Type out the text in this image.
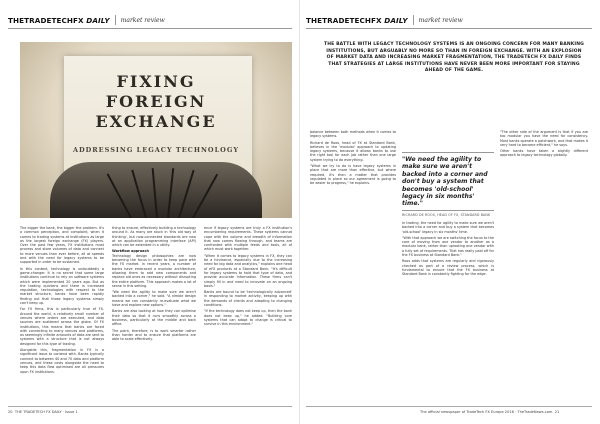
THETRADETECHFX DAILY market review
FIXING
FOREIGN
EXCHANGE
ADDRESSING LEGACY TECHNOLOGY

The bigger the bank, the bigger the problem. It's a common perception, and complaint, when it comes to trading systems at institutions as large as the largest foreign exchange (FX) players. Over the past few years, FX institutions must process and store volumes of data and connect to more venues than ever before, all at speeds and with the need for legacy systems to be supported in order to be sustained.

In this context, technology is undoubtedly a game-changer. It is no secret that some large institutions continue to rely on software systems which were implemented 20 years ago. But as the trading quickens and there is increased regulation, technologies with respect to the market structure, banks have been rapidly finding out that those legacy systems simply can't keep up.

For FX firms, this is particularly true of FX. Around the world, a relatively small number of venues where orders are executed, and data sources are scattered across the globe. Of FX institutions, this means that banks are faced with connecting to many venues and platforms, as seemingly infinite amounts of data are sent to systems with a structure that is not always designed for this type of trading.

Alongside this, fragmentation in FX is a significant issue to contend with. Banks typically connect to between 40 and 70 data and platform venues, and these costs alongside the need to keep this data flow optimised are all pressures upon FX institutions.

thing to ensure, effectively building a technology around it. As many are stuck in 'this old way of thinking', but now-connected standards are now at an application programming interface (API) which can be extended in a utility.

Workflow approach

Technology design philosophies are now becoming the focus in order to keep pace with the FX market. In recent years, a number of banks have embraced a modular architecture, allowing them to add new components and replace old ones as necessary without disrupting the entire platform. This approach makes a lot of sense in this setting.

"We need the agility to make sure we aren't backed into a corner," he said. "A nimble design means we can constantly re-evaluate what we have and explore new options."

Banks are also looking at how they can optimise their data so that it runs smoothly across a business, particularly at the middle and back office.

The point, therefore, is to work smarter rather than harder and to ensure that platforms are able to scale effectively.

ence if legacy systems are truly a FX institution's encumbering requirements. These systems cannot cope with the volume and breadth of information that now comes flowing through, and teams are confronted with multiple feeds and tools, all of which must work together.

"When it comes to legacy systems in FX, they can be a hindrance, especially due to the increasing need for big data and analytics," explains one head of eFX products at a Standard Bank. "It's difficult for legacy systems to hold that type of data, and provide accurate information. These firms can't simply fill in and need to innovate on an ongoing basis."

Banks are bound to be 'technologically advanced' in responding to market activity, keeping up with the demands of clients and adapting to changing conditions.

"If the technology does not keep up, then the bank does not keep up," he added. "Building core systems that can adapt to change is critical to survive in this environment."

20 THE TRADETECH FX DAILY · Issue 1
THETRADETECHFX DAILY market review
THE BATTLE WITH LEGACY TECHNOLOGY SYSTEMS IS AN ONGOING CONCERN FOR MANY BANKING INSTITUTIONS, BUT ARGUABLY NO MORE SO THAN IN FOREIGN EXCHANGE. WITH AN EXPLOSION OF MARKET DATA AND INCREASING MARKET FRAGMENTATION, THE TRADETECH FX DAILY FINDS THAT STRATEGIES AT LARGE INSTITUTIONS HAVE NEVER BEEN MORE IMPORTANT FOR STAYING AHEAD OF THE GAME.

balance between both methods when it comes to legacy systems.

Richard de Roos, head of FX at Standard Bank, believes in the 'modular' approach to updating legacy systems, because it allows banks to use the right tool for each job rather than one large system trying to do everything.

"What we try to do is have legacy systems in place that are more than effective, but where required, it's then a matter that provides regulated in place so our agreement is going to be easier to progress," he explains.

"We need the agility to make sure we aren't backed into a corner and don't buy a system that becomes 'old-school' legacy in six months' time."
RICHARD DE ROOS, HEAD OF FX, STANDARD BANK

In trading, the need for agility to make sure we aren't backed into a corner and buy a system that becomes 'old-school' legacy in six months' time.

"With that approach we are switching the focus to the core of moving from one vendor to another as a modular bank, rather than uprooting one vendor with a fully set of requirements. That has really paid off for the FX business at Standard Bank."

Roos adds that systems are regularly and rigorously checked as part of a review process, which is fundamental to ensure that the FX business at Standard Bank is constantly fighting for the edge.

"The other side of the argument is that if you are too modular you have the need for consistency. Most banks operate a patchwork, and that makes it very hard to become efficient," he says.

Other banks have taken a slightly different approach to legacy technology globally.

The official newspaper of TradeTech FX Europe 2016 · TheTradeNews.com 21
